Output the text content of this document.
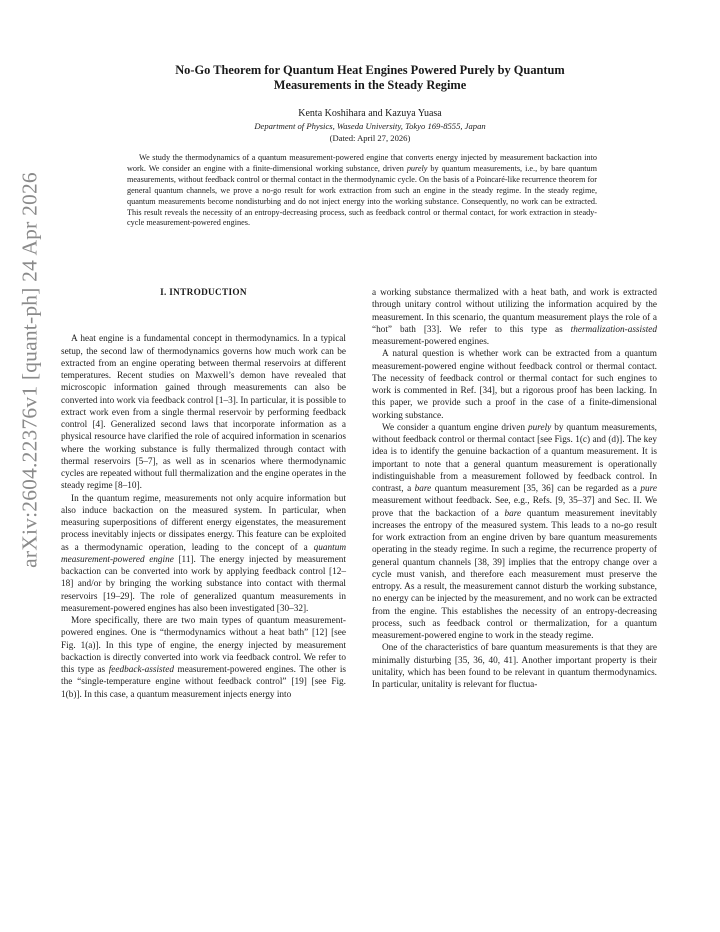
arXiv:2604.22376v1 [quant-ph] 24 Apr 2026
No-Go Theorem for Quantum Heat Engines Powered Purely by Quantum
Measurements in the Steady Regime
Kenta Koshihara and Kazuya Yuasa
Department of Physics, Waseda University, Tokyo 169-8555, Japan
(Dated: April 27, 2026)
We study the thermodynamics of a quantum measurement-powered engine that converts energy injected by measurement backaction into work. We consider an engine with a finite-dimensional working substance, driven purely by quantum measurements, i.e., by bare quantum measurements, without feedback control or thermal contact in the thermodynamic cycle. On the basis of a Poincaré-like recurrence theorem for general quantum channels, we prove a no-go result for work extraction from such an engine in the steady regime. In the steady regime, quantum measurements become nondisturbing and do not inject energy into the working substance. Consequently, no work can be extracted. This result reveals the necessity of an entropy-decreasing process, such as feedback control or thermal contact, for work extraction in steady-cycle measurement-powered engines.
I. INTRODUCTION

A heat engine is a fundamental concept in thermodynamics. In a typical setup, the second law of thermodynamics governs how much work can be extracted from an engine operating between thermal reservoirs at different temperatures. Recent studies on Maxwell’s demon have revealed that microscopic information gained through measurements can also be converted into work via feedback control [1–3]. In particular, it is possible to extract work even from a single thermal reservoir by performing feedback control [4]. Generalized second laws that incorporate information as a physical resource have clarified the role of acquired information in scenarios where the working substance is fully thermalized through contact with thermal reservoirs [5–7], as well as in scenarios where thermodynamic cycles are repeated without full thermalization and the engine operates in the steady regime [8–10].

In the quantum regime, measurements not only acquire information but also induce backaction on the measured system. In particular, when measuring superpositions of different energy eigenstates, the measurement process inevitably injects or dissipates energy. This feature can be exploited as a thermodynamic operation, leading to the concept of a quantum measurement-powered engine [11]. The energy injected by measurement backaction can be converted into work by applying feedback control [12–18] and/or by bringing the working substance into contact with thermal reservoirs [19–29]. The role of generalized quantum measurements in measurement-powered engines has also been investigated [30–32].

More specifically, there are two main types of quantum measurement-powered engines. One is “thermodynamics without a heat bath” [12] [see Fig. 1(a)]. In this type of engine, the energy injected by measurement backaction is directly converted into work via feedback control. We refer to this type as feedback-assisted measurement-powered engines. The other is the “single-temperature engine without feedback control” [19] [see Fig. 1(b)]. In this case, a quantum measurement injects energy into

a working substance thermalized with a heat bath, and work is extracted through unitary control without utilizing the information acquired by the measurement. In this scenario, the quantum measurement plays the role of a “hot” bath [33]. We refer to this type as thermalization-assisted measurement-powered engines.

A natural question is whether work can be extracted from a quantum measurement-powered engine without feedback control or thermal contact. The necessity of feedback control or thermal contact for such engines to work is commented in Ref. [34], but a rigorous proof has been lacking. In this paper, we provide such a proof in the case of a finite-dimensional working substance.

We consider a quantum engine driven purely by quantum measurements, without feedback control or thermal contact [see Figs. 1(c) and (d)]. The key idea is to identify the genuine backaction of a quantum measurement. It is important to note that a general quantum measurement is operationally indistinguishable from a measurement followed by feedback control. In contrast, a bare quantum measurement [35, 36] can be regarded as a pure measurement without feedback. See, e.g., Refs. [9, 35–37] and Sec. II. We prove that the backaction of a bare quantum measurement inevitably increases the entropy of the measured system. This leads to a no-go result for work extraction from an engine driven by bare quantum measurements operating in the steady regime. In such a regime, the recurrence property of general quantum channels [38, 39] implies that the entropy change over a cycle must vanish, and therefore each measurement must preserve the entropy. As a result, the measurement cannot disturb the working substance, no energy can be injected by the measurement, and no work can be extracted from the engine. This establishes the necessity of an entropy-decreasing process, such as feedback control or thermalization, for a quantum measurement-powered engine to work in the steady regime.

One of the characteristics of bare quantum measurements is that they are minimally disturbing [35, 36, 40, 41]. Another important property is their unitality, which has been found to be relevant in quantum thermodynamics. In particular, unitality is relevant for fluctua-
